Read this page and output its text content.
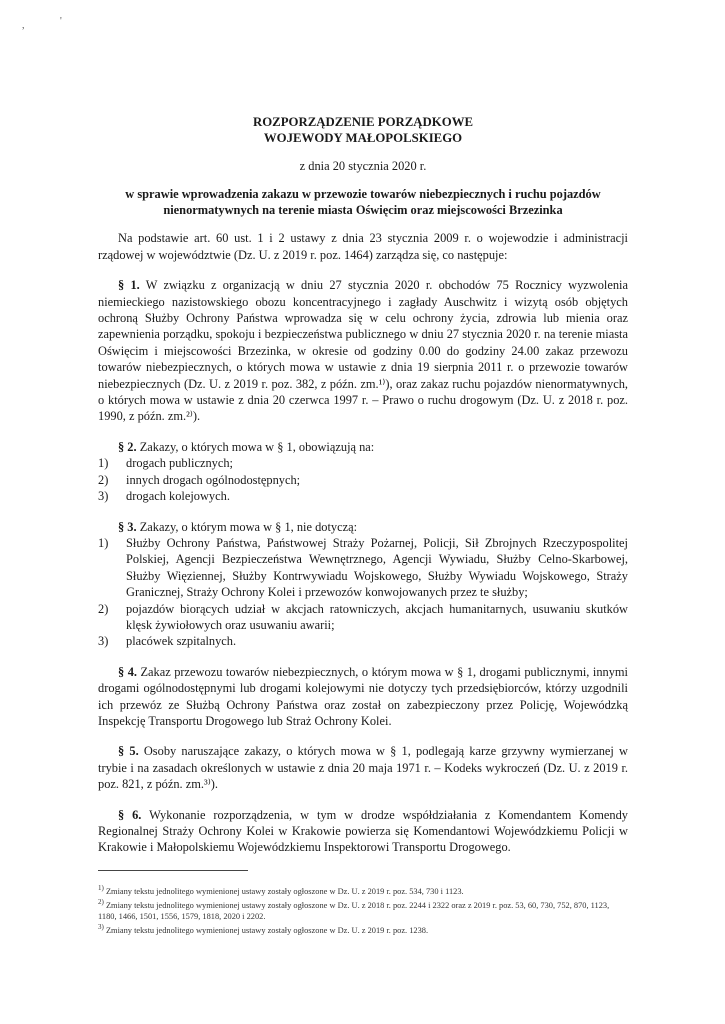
,	'
ROZPORZĄDZENIE PORZĄDKOWE
WOJEWODY MAŁOPOLSKIEGO
z dnia 20 stycznia 2020 r.
w sprawie wprowadzenia zakazu w przewozie towarów niebezpiecznych i ruchu pojazdów
nienormatywnych na terenie miasta Oświęcim oraz miejscowości Brzezinka

Na podstawie art. 60 ust. 1 i 2 ustawy z dnia 23 stycznia 2009 r. o wojewodzie i administracji rządowej w województwie (Dz. U. z 2019 r. poz. 1464) zarządza się, co następuje:

§ 1. W związku z organizacją w dniu 27 stycznia 2020 r. obchodów 75 Rocznicy wyzwolenia niemieckiego nazistowskiego obozu koncentracyjnego i zagłady Auschwitz i wizytą osób objętych ochroną Służby Ochrony Państwa wprowadza się w celu ochrony życia, zdrowia lub mienia oraz zapewnienia porządku, spokoju i bezpieczeństwa publicznego w dniu 27 stycznia 2020 r. na terenie miasta Oświęcim i miejscowości Brzezinka, w okresie od godziny 0.00 do godziny 24.00 zakaz przewozu towarów niebezpiecznych, o których mowa w ustawie z dnia 19 sierpnia 2011 r. o przewozie towarów niebezpiecznych (Dz. U. z 2019 r. poz. 382, z późn. zm.¹⁾), oraz zakaz ruchu pojazdów nienormatywnych, o których mowa w ustawie z dnia 20 czerwca 1997 r. – Prawo o ruchu drogowym (Dz. U. z 2018 r. poz. 1990, z późn. zm.²⁾).

§ 2. Zakazy, o których mowa w § 1, obowiązują na:

1) drogach publicznych;
2) innych drogach ogólnodostępnych;
3) drogach kolejowych.

§ 3. Zakazy, o którym mowa w § 1, nie dotyczą:

1) Służby Ochrony Państwa, Państwowej Straży Pożarnej, Policji, Sił Zbrojnych Rzeczypospolitej Polskiej, Agencji Bezpieczeństwa Wewnętrznego, Agencji Wywiadu, Służby Celno-Skarbowej, Służby Więziennej, Służby Kontrwywiadu Wojskowego, Służby Wywiadu Wojskowego, Straży Granicznej, Straży Ochrony Kolei i przewozów konwojowanych przez te służby;
2) pojazdów biorących udział w akcjach ratowniczych, akcjach humanitarnych, usuwaniu skutków klęsk żywiołowych oraz usuwaniu awarii;
3) placówek szpitalnych.

§ 4. Zakaz przewozu towarów niebezpiecznych, o którym mowa w § 1, drogami publicznymi, innymi drogami ogólnodostępnymi lub drogami kolejowymi nie dotyczy tych przedsiębiorców, którzy uzgodnili ich przewóz ze Służbą Ochrony Państwa oraz został on zabezpieczony przez Policję, Wojewódzką Inspekcję Transportu Drogowego lub Straż Ochrony Kolei.

§ 5. Osoby naruszające zakazy, o których mowa w § 1, podlegają karze grzywny wymierzanej w trybie i na zasadach określonych w ustawie z dnia 20 maja 1971 r. – Kodeks wykroczeń (Dz. U. z 2019 r. poz. 821, z późn. zm.³⁾).

§ 6. Wykonanie rozporządzenia, w tym w drodze współdziałania z Komendantem Komendy Regionalnej Straży Ochrony Kolei w Krakowie powierza się Komendantowi Wojewódzkiemu Policji w Krakowie i Małopolskiemu Wojewódzkiemu Inspektorowi Transportu Drogowego.

$^{1)}$ Zmiany tekstu jednolitego wymienionej ustawy zostały ogłoszone w Dz. U. z 2019 r. poz. 534, 730 i 1123.
$^{2)}$ Zmiany tekstu jednolitego wymienionej ustawy zostały ogłoszone w Dz. U. z 2018 r. poz. 2244 i 2322 oraz z 2019 r. poz. 53, 60, 730, 752, 870, 1123, 1180, 1466, 1501, 1556, 1579, 1818, 2020 i 2202.
$^{3)}$ Zmiany tekstu jednolitego wymienionej ustawy zostały ogłoszone w Dz. U. z 2019 r. poz. 1238.
